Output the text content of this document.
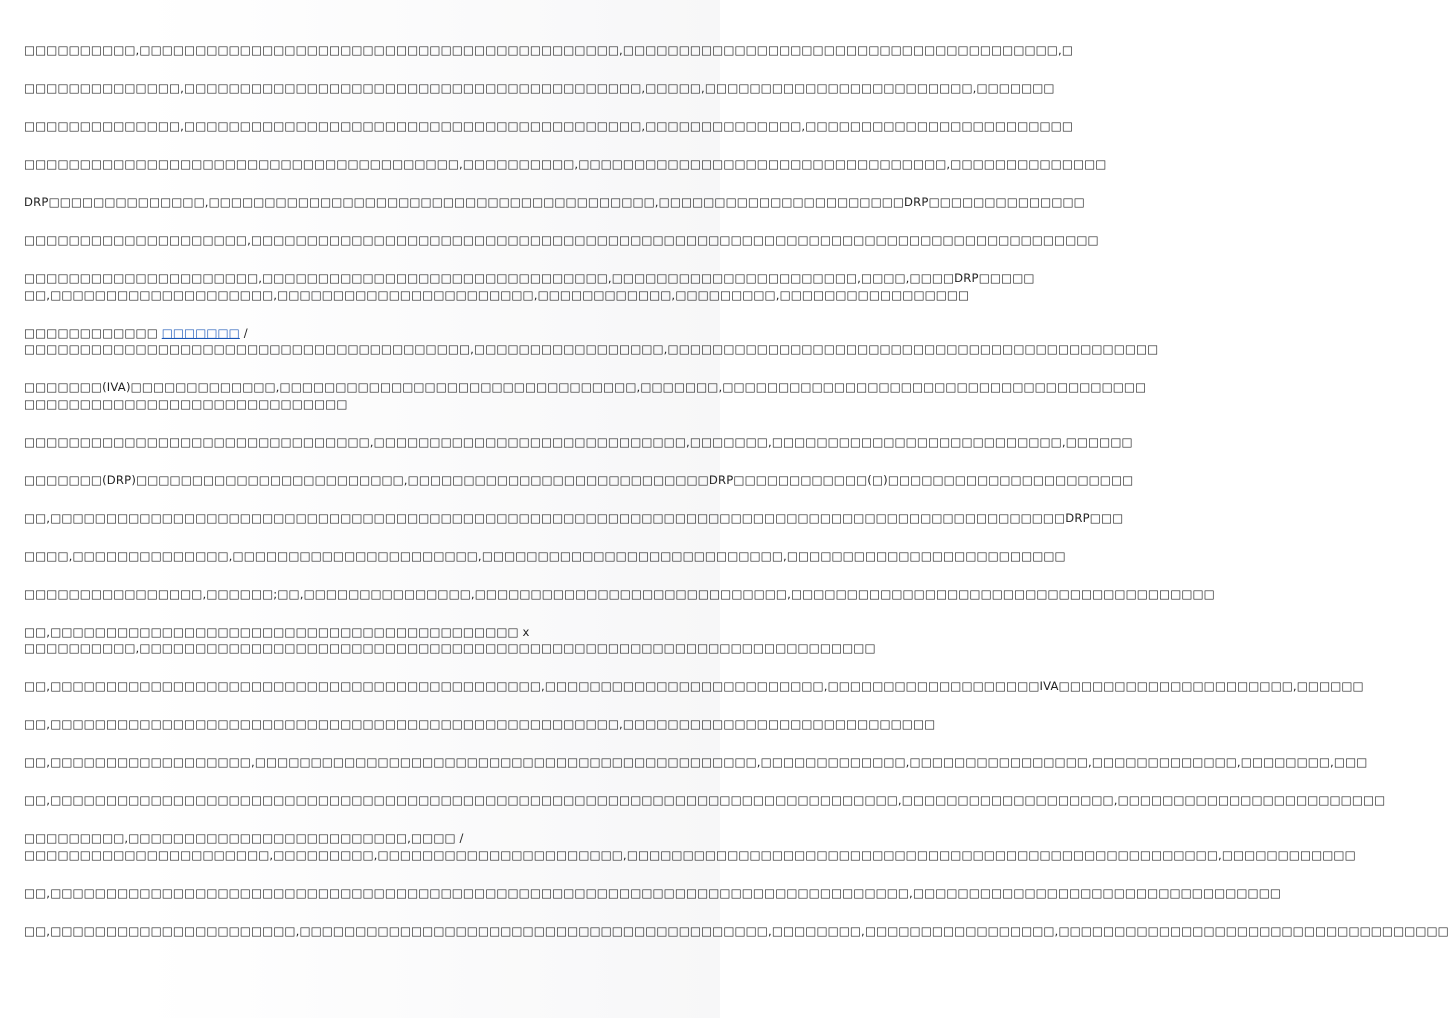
□□□□□□□□□□,□□□□□□□□□□□□□□□□□□□□□□□□□□□□□□□□□□□□□□□□□□□,□□□□□□□□□□□□□□□□□□□□□□□□□□□□□□□□□□□□□□□,□

□□□□□□□□□□□□□□,□□□□□□□□□□□□□□□□□□□□□□□□□□□□□□□□□□□□□□□□□,□□□□□,□□□□□□□□□□□□□□□□□□□□□□□□,□□□□□□□

□□□□□□□□□□□□□□,□□□□□□□□□□□□□□□□□□□□□□□□□□□□□□□□□□□□□□□□□,□□□□□□□□□□□□□□,□□□□□□□□□□□□□□□□□□□□□□□□

□□□□□□□□□□□□□□□□□□□□□□□□□□□□□□□□□□□□□□□,□□□□□□□□□□,□□□□□□□□□□□□□□□□□□□□□□□□□□□□□□□□□,□□□□□□□□□□□□□□

DRP□□□□□□□□□□□□□□,□□□□□□□□□□□□□□□□□□□□□□□□□□□□□□□□□□□□□□□□,□□□□□□□□□□□□□□□□□□□□□□DRP□□□□□□□□□□□□□□

□□□□□□□□□□□□□□□□□□□□,□□□□□□□□□□□□□□□□□□□□□□□□□□□□□□□□□□□□□□□□□□□□□□□□□□□□□□□□□□□□□□□□□□□□□□□□□□□□

□□□□□□□□□□□□□□□□□□□□□,□□□□□□□□□□□□□□□□□□□□□□□□□□□□□□□,□□□□□□□□□□□□□□□□□□□□□□,□□□□,□□□□DRP□□□□□
□□,□□□□□□□□□□□□□□□□□□□□,□□□□□□□□□□□□□□□□□□□□□□□,□□□□□□□□□□□□,□□□□□□□□□,□□□□□□□□□□□□□□□□□

□□□□□□□□□□□□ □□□□□□□ /
□□□□□□□□□□□□□□□□□□□□□□□□□□□□□□□□□□□□□□□□,□□□□□□□□□□□□□□□□□,□□□□□□□□□□□□□□□□□□□□□□□□□□□□□□□□□□□□□□□□□□□□

□□□□□□□(IVA)□□□□□□□□□□□□□,□□□□□□□□□□□□□□□□□□□□□□□□□□□□□□□□,□□□□□□□,□□□□□□□□□□□□□□□□□□□□□□□□□□□□□□□□□□□□□□
□□□□□□□□□□□□□□□□□□□□□□□□□□□□□

□□□□□□□□□□□□□□□□□□□□□□□□□□□□□□□,□□□□□□□□□□□□□□□□□□□□□□□□□□□□,□□□□□□□,□□□□□□□□□□□□□□□□□□□□□□□□□□,□□□□□□

□□□□□□□(DRP)□□□□□□□□□□□□□□□□□□□□□□□□,□□□□□□□□□□□□□□□□□□□□□□□□□□□DRP□□□□□□□□□□□□(□)□□□□□□□□□□□□□□□□□□□□□□

□□,□□□□□□□□□□□□□□□□□□□□□□□□□□□□□□□□□□□□□□□□□□□□□□□□□□□□□□□□□□□□□□□□□□□□□□□□□□□□□□□□□□□□□□□□□□□DRP□□□

□□□□,□□□□□□□□□□□□□□,□□□□□□□□□□□□□□□□□□□□□□,□□□□□□□□□□□□□□□□□□□□□□□□□□□,□□□□□□□□□□□□□□□□□□□□□□□□□

□□□□□□□□□□□□□□□□,□□□□□□;□□,□□□□□□□□□□□□□□□,□□□□□□□□□□□□□□□□□□□□□□□□□□□□,□□□□□□□□□□□□□□□□□□□□□□□□□□□□□□□□□□□□□□

□□,□□□□□□□□□□□□□□□□□□□□□□□□□□□□□□□□□□□□□□□□□□ x
□□□□□□□□□□,□□□□□□□□□□□□□□□□□□□□□□□□□□□□□□□□□□□□□□□□□□□□□□□□□□□□□□□□□□□□□□□□□□

□□,□□□□□□□□□□□□□□□□□□□□□□□□□□□□□□□□□□□□□□□□□□□□,□□□□□□□□□□□□□□□□□□□□□□□□□,□□□□□□□□□□□□□□□□□□□IVA□□□□□□□□□□□□□□□□□□□□□,□□□□□□

□□,□□□□□□□□□□□□□□□□□□□□□□□□□□□□□□□□□□□□□□□□□□□□□□□□□□□,□□□□□□□□□□□□□□□□□□□□□□□□□□□□

□□,□□□□□□□□□□□□□□□□□□,□□□□□□□□□□□□□□□□□□□□□□□□□□□□□□□□□□□□□□□□□□□□□,□□□□□□□□□□□□□,□□□□□□□□□□□□□□□□,□□□□□□□□□□□□□,□□□□□□□□,□□□

□□,□□□□□□□□□□□□□□□□□□□□□□□□□□□□□□□□□□□□□□□□□□□□□□□□□□□□□□□□□□□□□□□□□□□□□□□□□□□□,□□□□□□□□□□□□□□□□□□□,□□□□□□□□□□□□□□□□□□□□□□□□

□□□□□□□□□,□□□□□□□□□□□□□□□□□□□□□□□□□,□□□□ /
□□□□□□□□□□□□□□□□□□□□□□,□□□□□□□□□,□□□□□□□□□□□□□□□□□□□□□□,□□□□□□□□□□□□□□□□□□□□□□□□□□□□□□□□□□□□□□□□□□□□□□□□□□□□□,□□□□□□□□□□□□

□□,□□□□□□□□□□□□□□□□□□□□□□□□□□□□□□□□□□□□□□□□□□□□□□□□□□□□□□□□□□□□□□□□□□□□□□□□□□□□□,□□□□□□□□□□□□□□□□□□□□□□□□□□□□□□□□□

□□,□□□□□□□□□□□□□□□□□□□□□□,□□□□□□□□□□□□□□□□□□□□□□□□□□□□□□□□□□□□□□□□□□,□□□□□□□□,□□□□□□□□□□□□□□□□□,□□□□□□□□□□□□□□□□□□□□□□□□□□□□□□□□□□□
